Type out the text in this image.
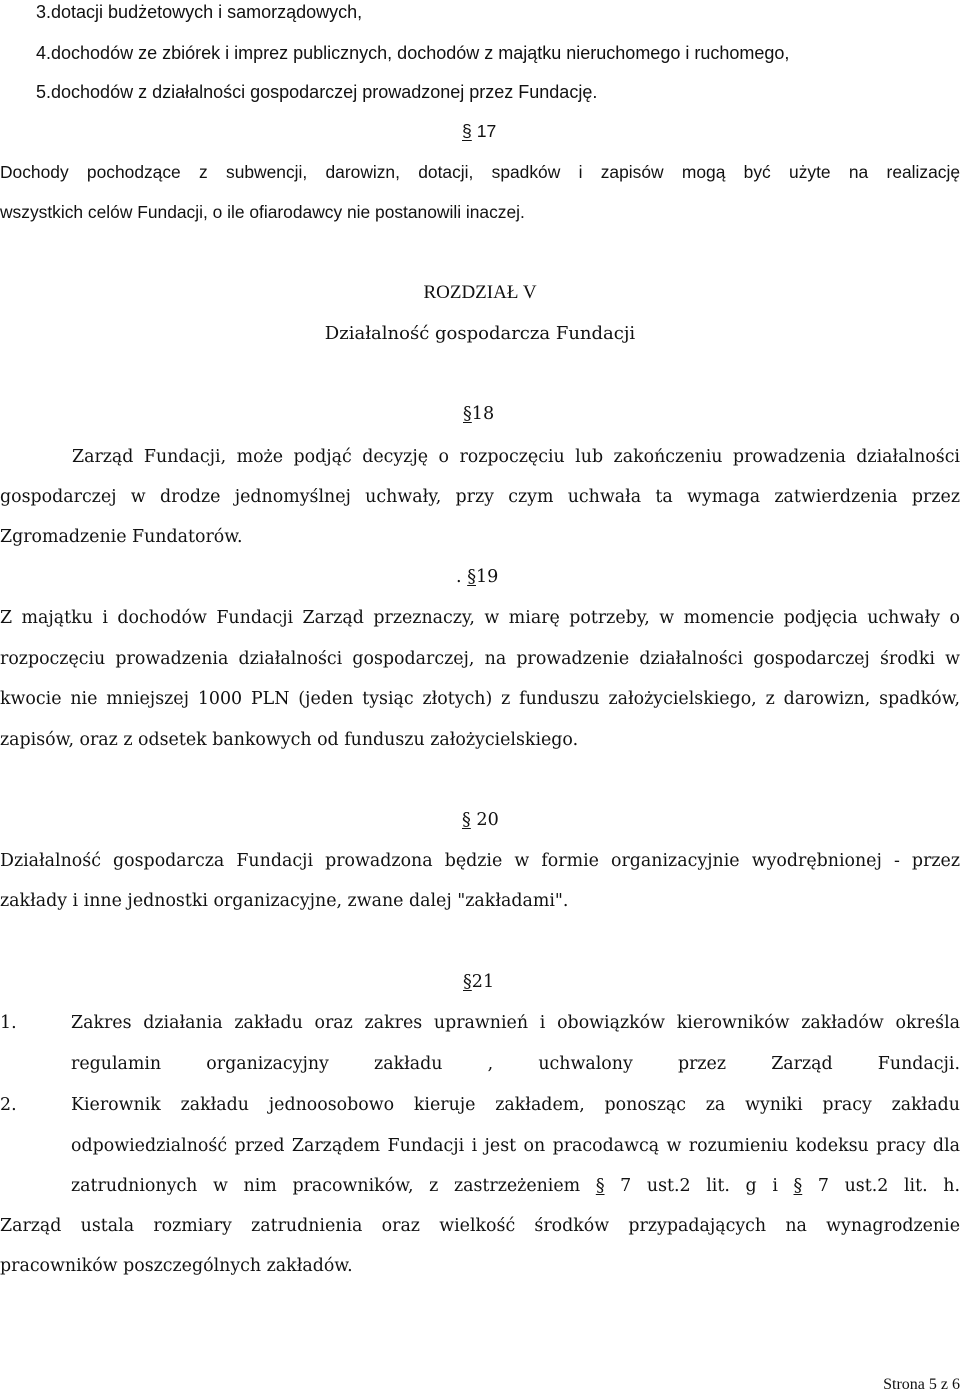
3.dotacji budżetowych i samorządowych,
4.dochodów ze zbiórek i imprez publicznych, dochodów z majątku nieruchomego i ruchomego,
5.dochodów z działalności gospodarczej prowadzonej przez Fundację.
§ 17
Dochody pochodzące z subwencji, darowizn, dotacji, spadków i zapisów mogą być użyte na realizację
wszystkich celów Fundacji, o ile ofiarodawcy nie postanowili inaczej.
ROZDZIAŁ V
Działalność gospodarcza Fundacji
§18
Zarząd Fundacji, może podjąć decyzję o rozpoczęciu lub zakończeniu prowadzenia działalności
gospodarczej w drodze jednomyślnej uchwały, przy czym uchwała ta wymaga zatwierdzenia przez
Zgromadzenie Fundatorów.
. §19
Z majątku i dochodów Fundacji Zarząd przeznaczy, w miarę potrzeby, w momencie podjęcia uchwały o
rozpoczęciu prowadzenia działalności gospodarczej, na prowadzenie działalności gospodarczej środki w
kwocie nie mniejszej 1000 PLN (jeden tysiąc złotych) z funduszu założycielskiego, z darowizn, spadków,
zapisów, oraz z odsetek bankowych od funduszu założycielskiego.
§ 20
Działalność gospodarcza Fundacji prowadzona będzie w formie organizacyjnie wyodrębnionej - przez
zakłady i inne jednostki organizacyjne, zwane dalej "zakładami".
§21
1.	Zakres działania zakładu oraz zakres uprawnień i obowiązków kierowników zakładów określa
regulamin organizacyjny zakładu , uchwalony przez Zarząd Fundacji.
2.	Kierownik zakładu jednoosobowo kieruje zakładem, ponosząc za wyniki pracy zakładu
odpowiedzialność przed Zarządem Fundacji i jest on pracodawcą w rozumieniu kodeksu pracy dla
zatrudnionych w nim pracowników, z zastrzeżeniem § 7 ust.2 lit. g i § 7 ust.2 lit. h.
Zarząd ustala rozmiary zatrudnienia oraz wielkość środków przypadających na wynagrodzenie
pracowników poszczególnych zakładów.
Strona 5 z 6
